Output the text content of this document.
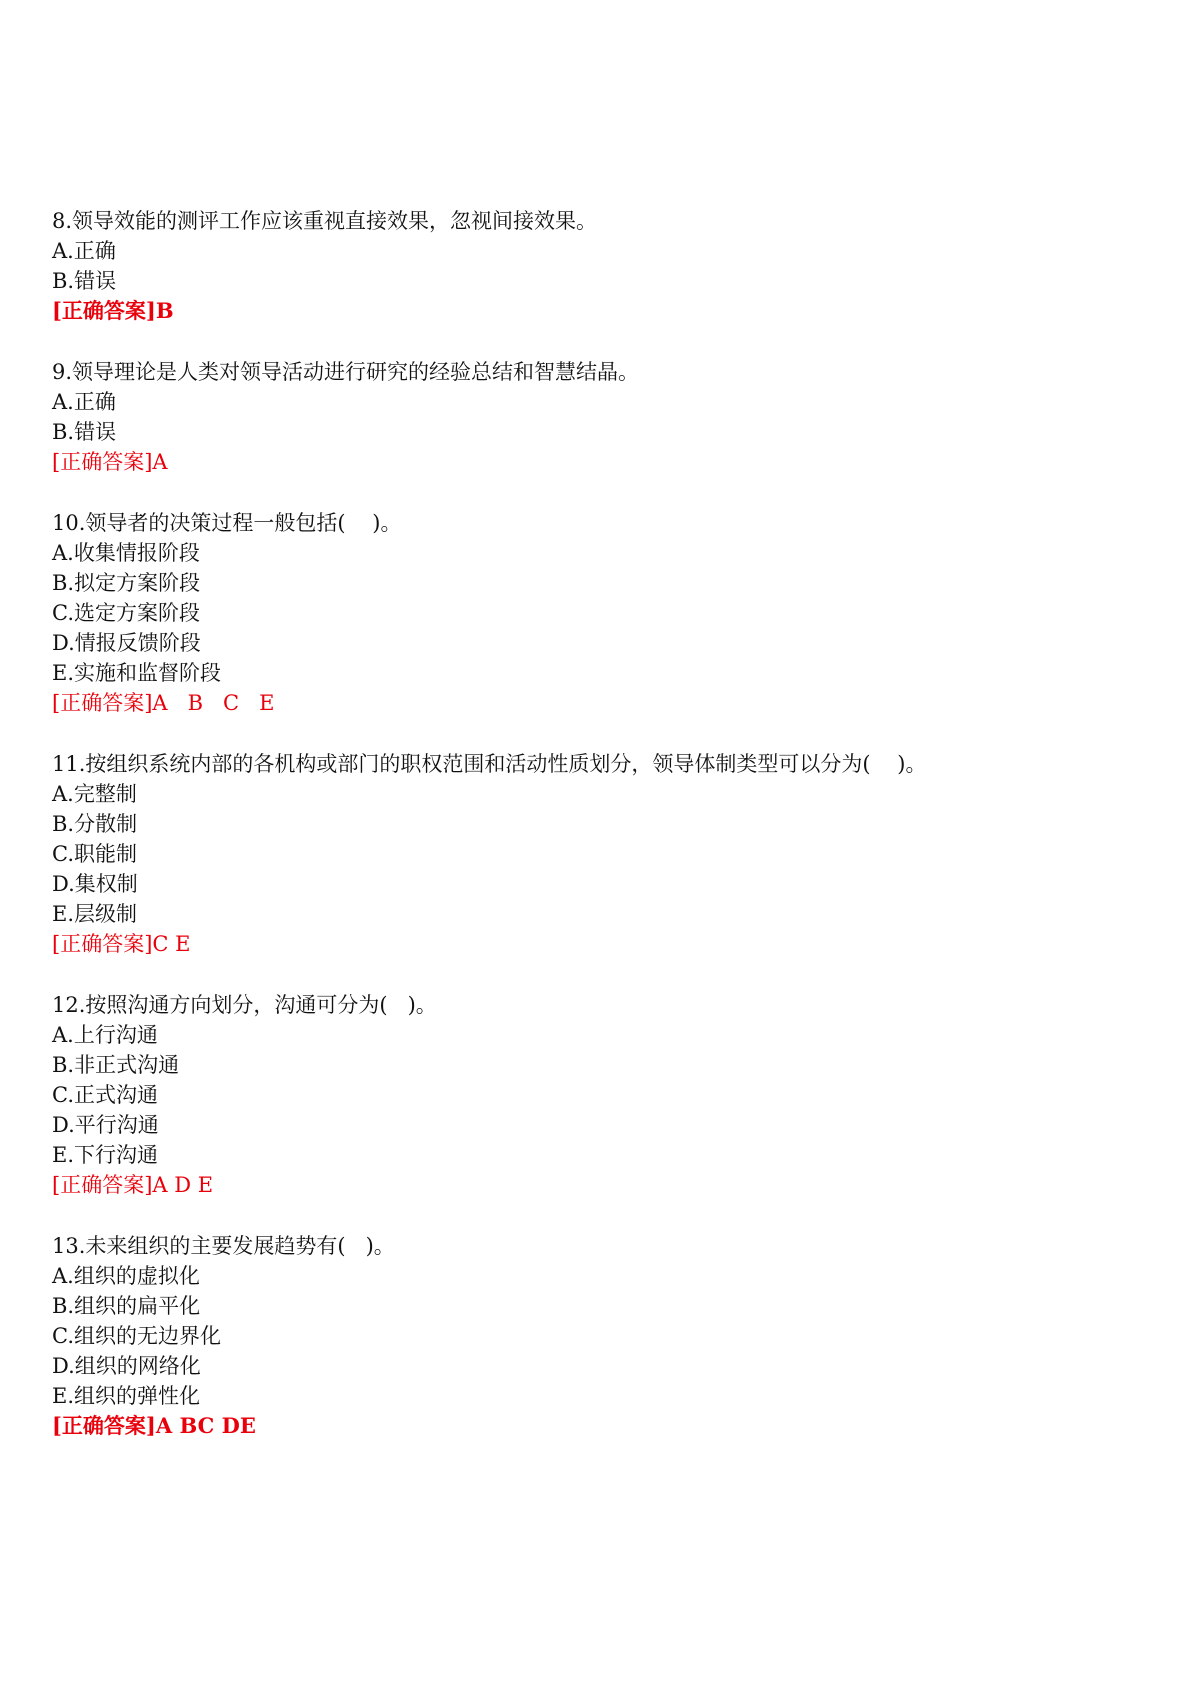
8.领导效能的测评工作应该重视直接效果，忽视间接效果。
A.正确
B.错误
[正确答案]B
9.领导理论是人类对领导活动进行研究的经验总结和智慧结晶。
A.正确
B.错误
[正确答案]A
10.领导者的决策过程一般包括(    )。
A.收集情报阶段
B.拟定方案阶段
C.选定方案阶段
D.情报反馈阶段
E.实施和监督阶段
[正确答案]A   B   C   E
11.按组织系统内部的各机构或部门的职权范围和活动性质划分，领导体制类型可以分为(    )。
A.完整制
B.分散制
C.职能制
D.集权制
E.层级制
[正确答案]C E
12.按照沟通方向划分，沟通可分为(   )。
A.上行沟通
B.非正式沟通
C.正式沟通
D.平行沟通
E.下行沟通
[正确答案]A D E
13.未来组织的主要发展趋势有(   )。
A.组织的虚拟化
B.组织的扁平化
C.组织的无边界化
D.组织的网络化
E.组织的弹性化
[正确答案]A BC DE
